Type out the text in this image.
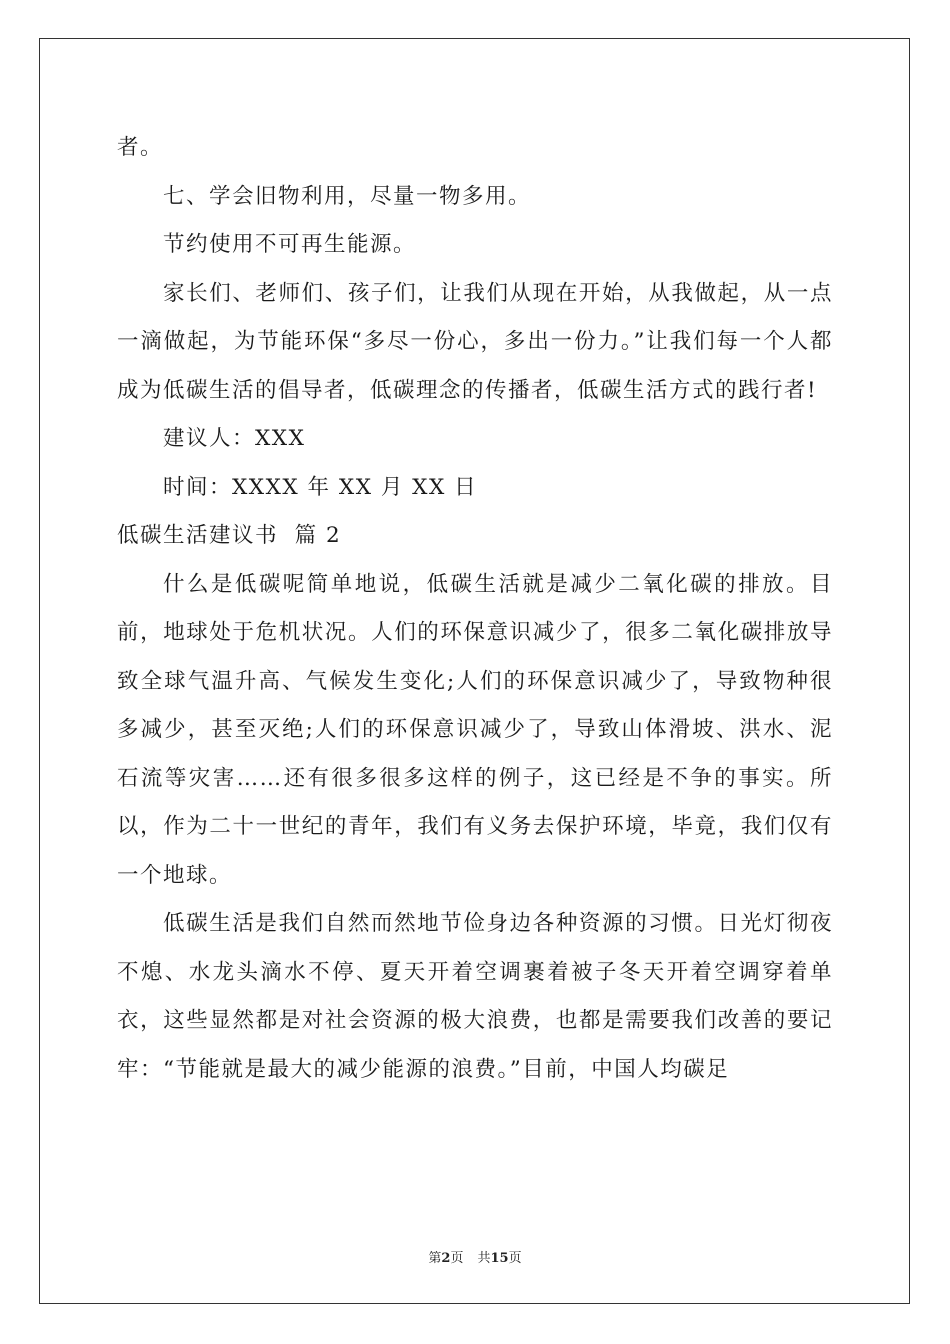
者。

七、学会旧物利用，尽量一物多用。

节约使用不可再生能源。

家长们、老师们、孩子们，让我们从现在开始，从我做起，从一点一滴做起，为节能环保“多尽一份心，多出一份力。”让我们每一个人都成为低碳生活的倡导者，低碳理念的传播者，低碳生活方式的践行者!

建议人：XXX

时间：XXXX 年 XX 月 XX 日

低碳生活建议书  篇 2

什么是低碳呢简单地说，低碳生活就是减少二氧化碳的排放。目前，地球处于危机状况。人们的环保意识减少了，很多二氧化碳排放导致全球气温升高、气候发生变化;人们的环保意识减少了，导致物种很多减少，甚至灭绝;人们的环保意识减少了，导致山体滑坡、洪水、泥石流等灾害……还有很多很多这样的例子，这已经是不争的事实。所以，作为二十一世纪的青年，我们有义务去保护环境，毕竟，我们仅有一个地球。

低碳生活是我们自然而然地节俭身边各种资源的习惯。日光灯彻夜不熄、水龙头滴水不停、夏天开着空调裹着被子冬天开着空调穿着单衣，这些显然都是对社会资源的极大浪费，也都是需要我们改善的要记牢：“节能就是最大的减少能源的浪费。”目前，中国人均碳足

第2页 共15页
